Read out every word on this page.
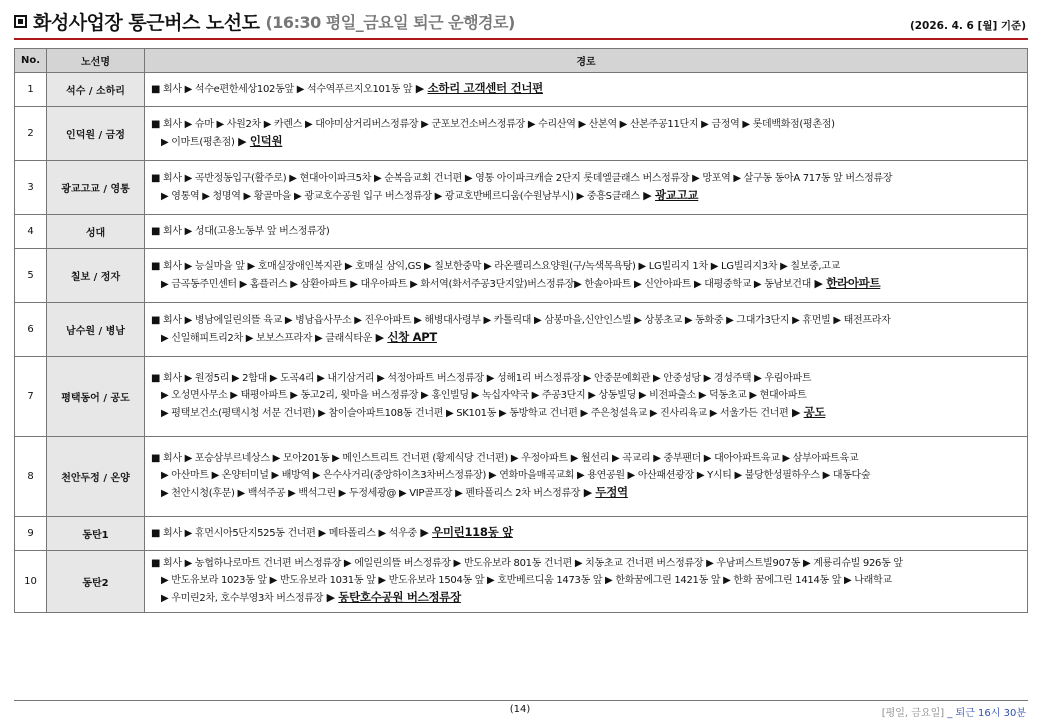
화성사업장 통근버스 노선도 (16:30 평일_금요일 퇴근 운행경로)	(2026. 4. 6 [월] 기준)
No.	노선명	경로
1	석수 / 소하리	■ 회사 ▶ 석수e편한세상102동앞 ▶ 석수역푸르지오101동 앞 ▶ 소하리 고객센터 건너편

2	인덕원 / 금정	■ 회사 ▶ 슈마 ▶ 사원2차 ▶ 카렌스 ▶ 대야미삼거리버스정류장 ▶ 군포보건소버스정류장 ▶ 수리산역 ▶ 산본역 ▶ 산본주공11단지 ▶ 금정역 ▶ 롯데백화점(평촌점)
▶ 이마트(평촌점) ▶ 인덕원

3	광교고교 / 영통	■ 회사 ▶ 곡반정동입구(활주로) ▶ 현대아이파크5차 ▶ 순복음교회 건너편 ▶ 영통 아이파크캐슬 2단지 롯데엘클래스 버스정류장 ▶ 망포역 ▶ 살구동 동아A 717동 앞 버스정류장
▶ 영통역 ▶ 청명역 ▶ 황골마을 ▶ 광교호수공원 입구 버스정류장 ▶ 광교호반베르디움(수원남부시) ▶ 중흥S클래스 ▶ 광교고교

4	성대	■ 회사 ▶ 성대(고용노동부 앞 버스정류장)

5	칠보 / 정자	■ 회사 ▶ 능실마을 앞 ▶ 호매실장애인복지관 ▶ 호매실 삼익,GS ▶ 칠보한중막 ▶ 라온펠리스요양원(구/녹색목욕탕) ▶ LG빌리지 1차 ▶ LG빌리지3차 ▶ 칠보중,고교
▶ 금곡동주민센터 ▶ 홈플러스 ▶ 삼환아파트 ▶ 대우아파트 ▶ 화서역(화서주공3단지앞)버스정류장▶ 한솔아파트 ▶ 신안아파트 ▶ 대평중학교 ▶ 동남보건대 ▶ 한라아파트

6	남수원 / 병남	■ 회사 ▶ 병남에일린의뜰 육교 ▶ 병남읍사무소 ▶ 진우아파트 ▶ 해병대사령부 ▶ 카톨릭대 ▶ 삼봉마을,신안인스빌 ▶ 상봉초교 ▶ 동화중 ▶ 그대가3단지 ▶ 휴먼빌 ▶ 태전프라자
▶ 신일해피트리2차 ▶ 보보스프라자 ▶ 클래식타운 ▶ 신창 APT

7	평택동어 / 공도	■ 회사 ▶ 원정5리 ▶ 2함대 ▶ 도곡4리 ▶ 내기삼거리 ▶ 석정아파트 버스정류장 ▶ 성해1리 버스정류장 ▶ 안중문예회관 ▶ 안중성당 ▶ 경성주택 ▶ 우림아파트
▶ 오성면사무소 ▶ 태평아파트 ▶ 동고2리, 윗마을 버스정류장 ▶ 홍인빌딩 ▶ 녹십자약국 ▶ 주공3단지 ▶ 상동빌딩 ▶ 비전파출소 ▶ 덕동초교 ▶ 현대아파트
▶ 평택보건소(평택시청 서문 건너편) ▶ 참이슬아파트108동 건너편 ▶ SK101동 ▶ 동방학교 건너편 ▶ 주은청설육교 ▶ 진사리육교 ▶ 서울가든 건너편 ▶ 공도

8	천안두정 / 온양	■ 회사 ▶ 포승삼부르네상스 ▶ 모아201동 ▶ 메인스트리트 건너편 (황제식당 건너편) ▶ 우정아파트 ▶ 월선리 ▶ 곡교리 ▶ 중부팬더 ▶ 대아아파트육교 ▶ 삼부아파트육교
▶ 아산마트 ▶ 온양터미널 ▶ 배방역 ▶ 은수사거리(중앙하이츠3차버스정류장) ▶ 연화마을매곡교회 ▶ 용연공원 ▶ 아산패션광장 ▶ Y시티 ▶ 불당한성필하우스 ▶ 대동다숲
▶ 천안시청(후문) ▶ 백석주공 ▶ 백석그린 ▶ 두정세광@ ▶ VIP골프장 ▶ 펜타폴리스 2차 버스정류장 ▶ 두정역

9	동탄1	■ 회사 ▶ 휴먼시아5단지525동 건너편 ▶ 메타폴리스 ▶ 석우중 ▶ 우미린118동 앞

10	동탄2	■ 회사 ▶ 농협하나로마트 건너편 버스정류장 ▶ 에일린의뜰 버스정류장 ▶ 반도유보라 801동 건너편 ▶ 치동초교 건너편 버스정류장 ▶ 우남퍼스트빌907동 ▶ 계룡리슈빌 926동 앞
▶ 반도유보라 1023동 앞 ▶ 반도유보라 1031동 앞 ▶ 반도유보라 1504동 앞 ▶ 호반베르디움 1473동 앞 ▶ 한화꿈에그린 1421동 앞 ▶ 한화 꿈에그린 1414동 앞 ▶ 나래학교
▶ 우미린2차, 호수부영3차 버스정류장 ▶ 동탄호수공원 버스정류장
(14)	[평일, 금요일] _ 퇴근 16시 30분
